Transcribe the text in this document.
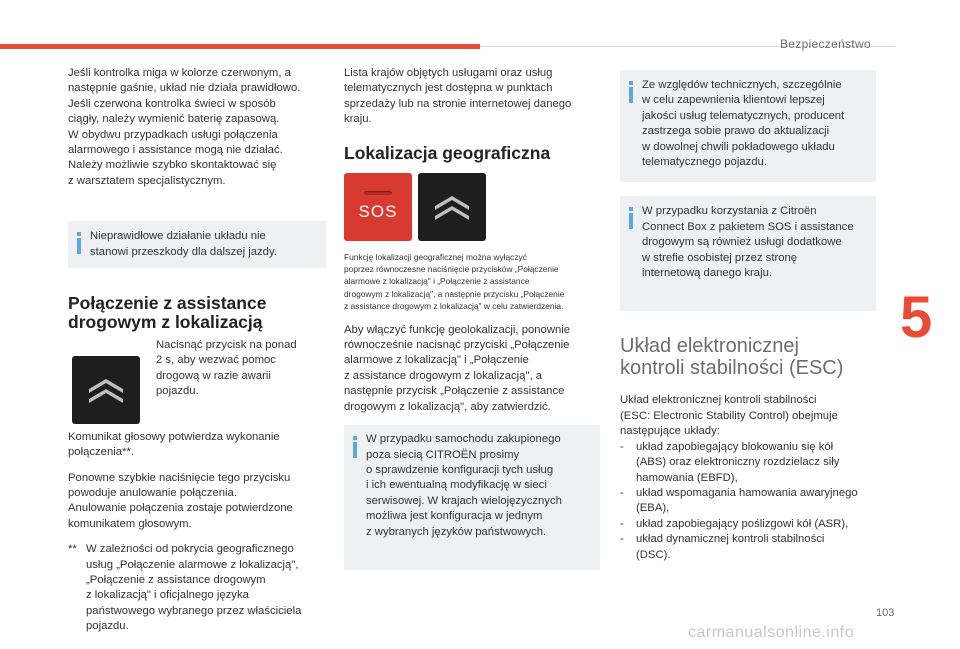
Bezpieczeństwo

Jeśli kontrolka miga w kolorze czerwonym, a
następnie gaśnie, układ nie działa prawidłowo.
Jeśli czerwona kontrolka świeci w sposób
ciągły, należy wymienić baterię zapasową.
W obydwu przypadkach usługi połączenia
alarmowego i assistance mogą nie działać.
Należy możliwie szybko skontaktować się
z warsztatem specjalistycznym.

Nieprawidłowe działanie układu nie
stanowi przeszkody dla dalszej jazdy.
Połączenie z assistance
drogowym z lokalizacją

Nacisnąć przycisk na ponad
2 s, aby wezwać pomoc
drogową w razie awarii
pojazdu.

Komunikat głosowy potwierdza wykonanie
połączenia**.

Ponowne szybkie naciśnięcie tego przycisku
powoduje anulowanie połączenia.
Anulowanie połączenia zostaje potwierdzone
komunikatem głosowym.

** W zależności od pokrycia geograficznego
usług „Połączenie alarmowe z lokalizacją",
„Połączenie z assistance drogowym
z lokalizacją" i oficjalnego języka
państwowego wybranego przez właściciela
pojazdu.

Lista krajów objętych usługami oraz usług
telematycznych jest dostępna w punktach
sprzedaży lub na stronie internetowej danego
kraju.

Lokalizacja geograficzna
SOS
Funkcję lokalizacji geograficznej można wyłączyć
poprzez równoczesne naciśnięcie przycisków „Połączenie
alarmowe z lokalizacją" i „Połączenie z assistance
drogowym z lokalizacją", a następnie przycisku „Połączenie
z assistance drogowym z lokalizacją" w celu zatwierdzenia.

Aby włączyć funkcję geolokalizacji, ponownie
równocześnie nacisnąć przyciski „Połączenie
alarmowe z lokalizacją" i „Połączenie
z assistance drogowym z lokalizacją", a
następnie przycisk „Połączenie z assistance
drogowym z lokalizacją", aby zatwierdzić.

W przypadku samochodu zakupionego
poza siecią CITROËN prosimy
o sprawdzenie konfiguracji tych usług
i ich ewentualną modyfikację w sieci
serwisowej. W krajach wielojęzycznych
możliwa jest konfiguracja w jednym
z wybranych języków państwowych.
Ze względów technicznych, szczególnie
w celu zapewnienia klientowi lepszej
jakości usług telematycznych, producent
zastrzega sobie prawo do aktualizacji
w dowolnej chwili pokładowego układu
telematycznego pojazdu.
W przypadku korzystania z Citroën
Connect Box z pakietem SOS i assistance
drogowym są również usługi dodatkowe
w strefie osobistej przez stronę
internetową danego kraju.
Układ elektronicznej
kontroli stabilności (ESC)

Układ elektronicznej kontroli stabilności
(ESC: Electronic Stability Control) obejmuje
następujące układy:

- układ zapobiegający blokowaniu się kół
(ABS) oraz elektroniczny rozdzielacz siły
hamowania (EBFD),
- układ wspomagania hamowania awaryjnego
(EBA),
- układ zapobiegający poślizgowi kół (ASR),
- układ dynamicznej kontroli stabilności
(DSC).
5
103
carmanualsonline.info
